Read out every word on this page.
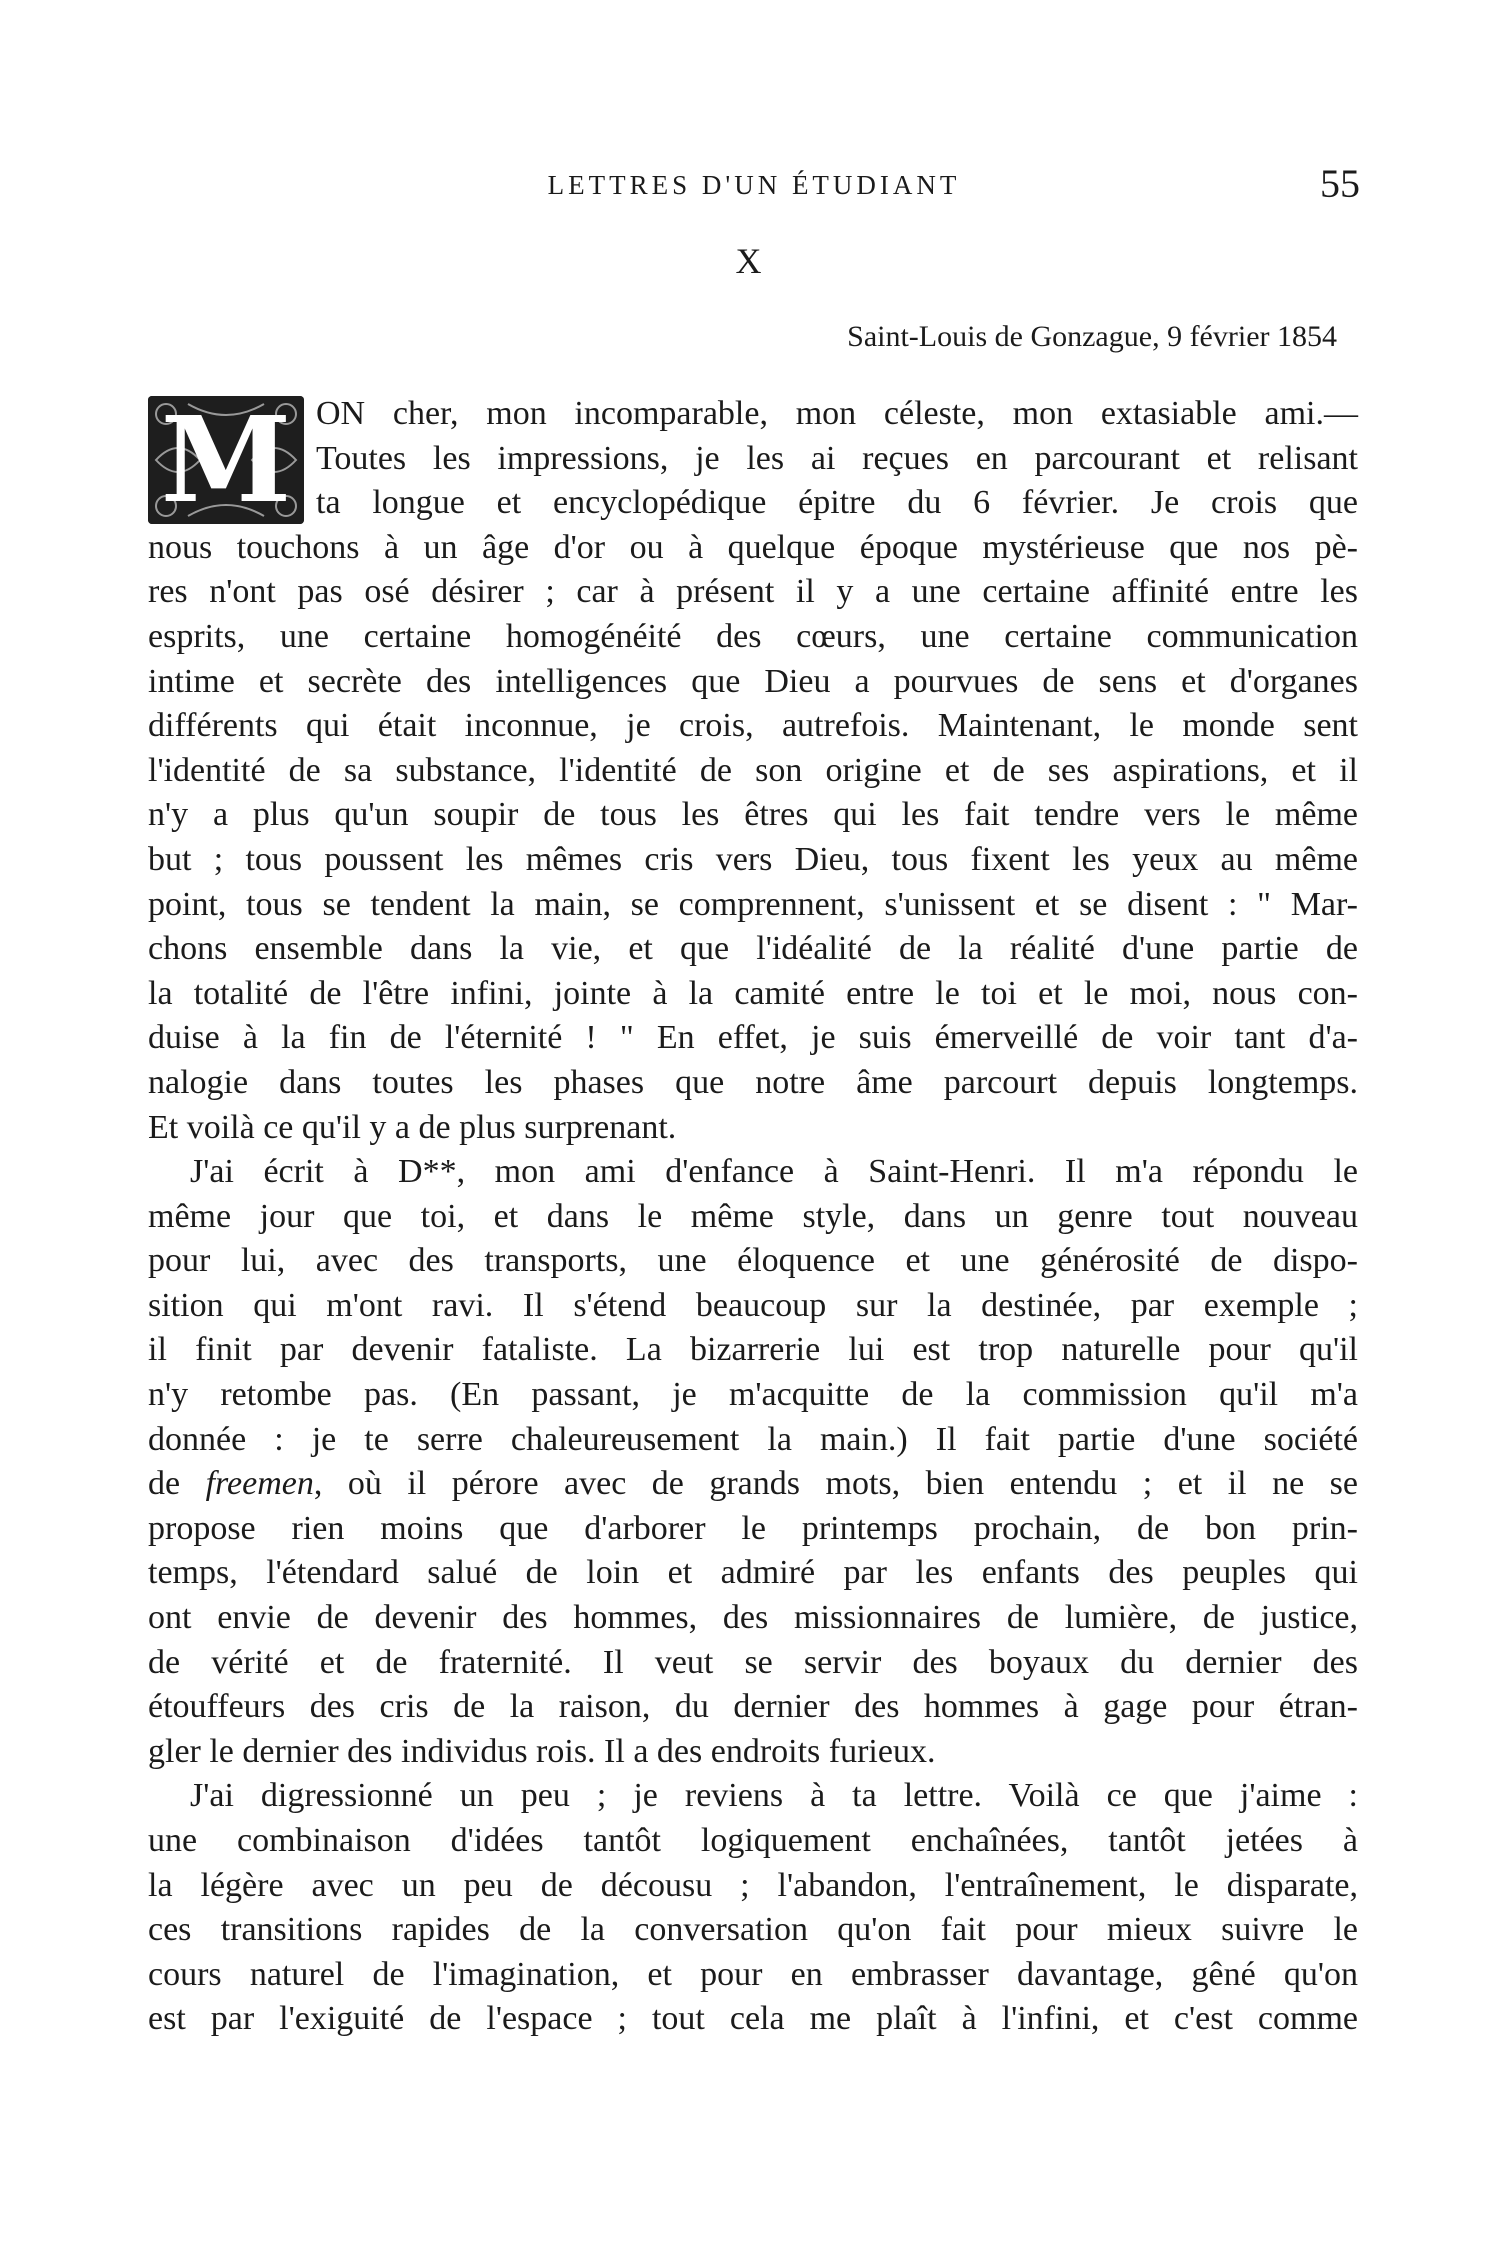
LETTRES D'UN ÉTUDIANT	55
X
Saint-Louis de Gonzague, 9 février 1854
M ON cher, mon incomparable, mon céleste, mon extasiable ami.—
Toutes les impressions, je les ai reçues en parcourant et relisant
ta longue et encyclopédique épitre du 6 février. Je crois que
nous touchons à un âge d'or ou à quelque époque mystérieuse que nos pè-
res n'ont pas osé désirer ; car à présent il y a une certaine affinité entre les
esprits, une certaine homogénéité des cœurs, une certaine communication
intime et secrète des intelligences que Dieu a pourvues de sens et d'organes
différents qui était inconnue, je crois, autrefois. Maintenant, le monde sent
l'identité de sa substance, l'identité de son origine et de ses aspirations, et il
n'y a plus qu'un soupir de tous les êtres qui les fait tendre vers le même
but ; tous poussent les mêmes cris vers Dieu, tous fixent les yeux au même
point, tous se tendent la main, se comprennent, s'unissent et se disent : " Mar-
chons ensemble dans la vie, et que l'idéalité de la réalité d'une partie de
la totalité de l'être infini, jointe à la camité entre le toi et le moi, nous con-
duise à la fin de l'éternité ! " En effet, je suis émerveillé de voir tant d'a-
nalogie dans toutes les phases que notre âme parcourt depuis longtemps.
Et voilà ce qu'il y a de plus surprenant.
J'ai écrit à D**, mon ami d'enfance à Saint-Henri. Il m'a répondu le
même jour que toi, et dans le même style, dans un genre tout nouveau
pour lui, avec des transports, une éloquence et une générosité de dispo-
sition qui m'ont ravi. Il s'étend beaucoup sur la destinée, par exemple ;
il finit par devenir fataliste. La bizarrerie lui est trop naturelle pour qu'il
n'y retombe pas. (En passant, je m'acquitte de la commission qu'il m'a
donnée : je te serre chaleureusement la main.) Il fait partie d'une société
de freemen, où il pérore avec de grands mots, bien entendu ; et il ne se
propose rien moins que d'arborer le printemps prochain, de bon prin-
temps, l'étendard salué de loin et admiré par les enfants des peuples qui
ont envie de devenir des hommes, des missionnaires de lumière, de justice,
de vérité et de fraternité. Il veut se servir des boyaux du dernier des
étouffeurs des cris de la raison, du dernier des hommes à gage pour étran-
gler le dernier des individus rois. Il a des endroits furieux.
J'ai digressionné un peu ; je reviens à ta lettre. Voilà ce que j'aime :
une combinaison d'idées tantôt logiquement enchaînées, tantôt jetées à
la légère avec un peu de décousu ; l'abandon, l'entraînement, le disparate,
ces transitions rapides de la conversation qu'on fait pour mieux suivre le
cours naturel de l'imagination, et pour en embrasser davantage, gêné qu'on
est par l'exiguité de l'espace ; tout cela me plaît à l'infini, et c'est comme
